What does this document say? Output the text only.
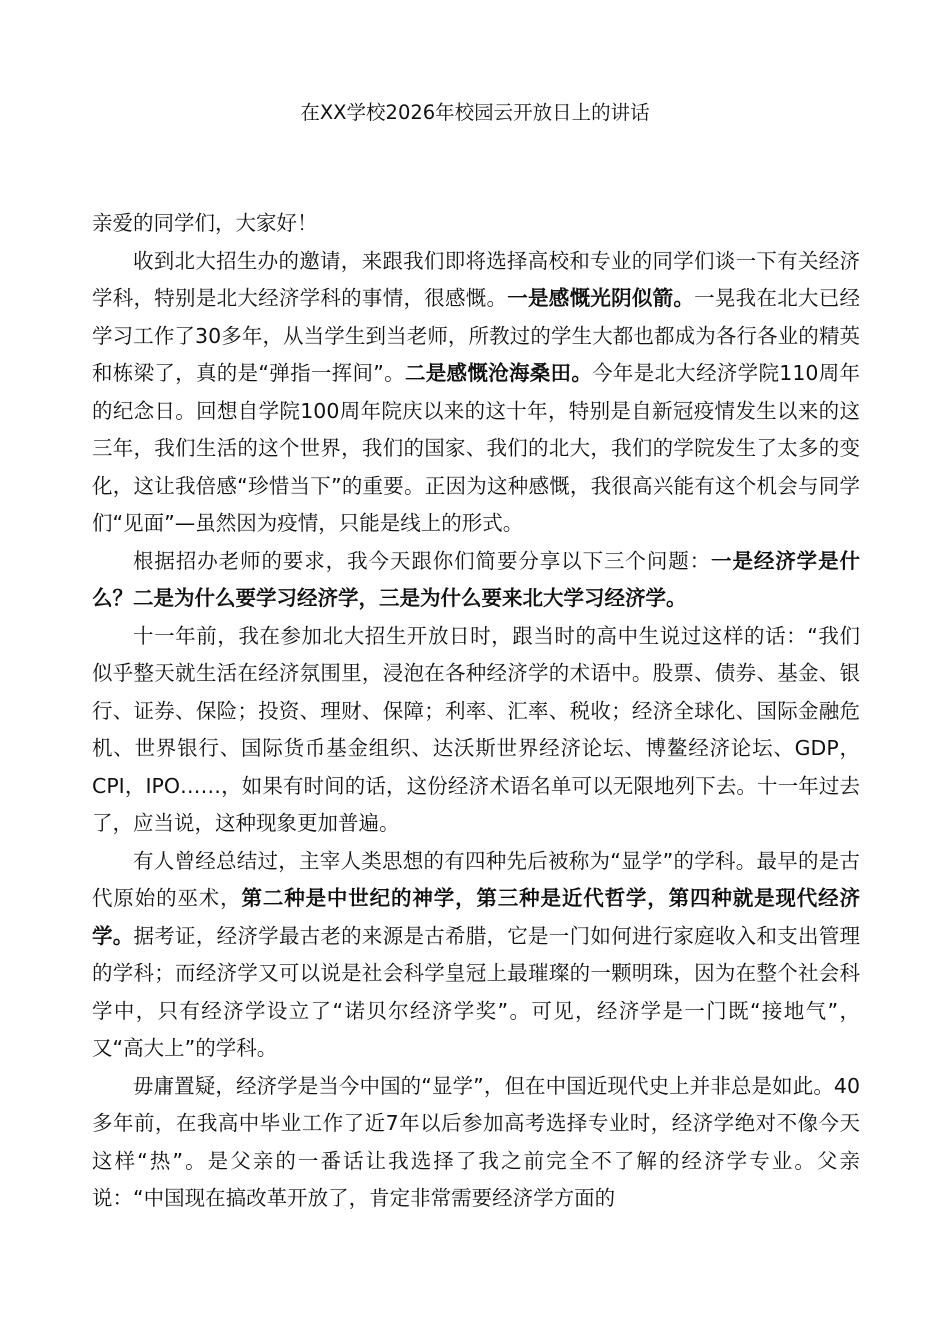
在XX学校2026年校园云开放日上的讲话

亲爱的同学们，大家好！

收到北大招生办的邀请，来跟我们即将选择高校和专业的同学们谈一下有关经济学科，特别是北大经济学科的事情，很感慨。一是感慨光阴似箭。一晃我在北大已经学习工作了30多年，从当学生到当老师，所教过的学生大都也都成为各行各业的精英和栋梁了，真的是“弹指一挥间”。二是感慨沧海桑田。今年是北大经济学院110周年的纪念日。回想自学院100周年院庆以来的这十年，特别是自新冠疫情发生以来的这三年，我们生活的这个世界，我们的国家、我们的北大，我们的学院发生了太多的变化，这让我倍感“珍惜当下”的重要。正因为这种感慨，我很高兴能有这个机会与同学们“见面”—虽然因为疫情，只能是线上的形式。

根据招办老师的要求，我今天跟你们简要分享以下三个问题：一是经济学是什么？二是为什么要学习经济学，三是为什么要来北大学习经济学。

十一年前，我在参加北大招生开放日时，跟当时的高中生说过这样的话：“我们似乎整天就生活在经济氛围里，浸泡在各种经济学的术语中。股票、债券、基金、银行、证券、保险；投资、理财、保障；利率、汇率、税收；经济全球化、国际金融危机、世界银行、国际货币基金组织、达沃斯世界经济论坛、博鳌经济论坛、GDP，CPI，IPO……，如果有时间的话，这份经济术语名单可以无限地列下去。十一年过去了，应当说，这种现象更加普遍。

有人曾经总结过，主宰人类思想的有四种先后被称为“显学”的学科。最早的是古代原始的巫术，第二种是中世纪的神学，第三种是近代哲学，第四种就是现代经济学。据考证，经济学最古老的来源是古希腊，它是一门如何进行家庭收入和支出管理的学科；而经济学又可以说是社会科学皇冠上最璀璨的一颗明珠，因为在整个社会科学中，只有经济学设立了“诺贝尔经济学奖”。可见，经济学是一门既“接地气”，又“高大上”的学科。

毋庸置疑，经济学是当今中国的“显学”，但在中国近现代史上并非总是如此。40多年前，在我高中毕业工作了近7年以后参加高考选择专业时，经济学绝对不像今天这样“热”。是父亲的一番话让我选择了我之前完全不了解的经济学专业。父亲说：“中国现在搞改革开放了，肯定非常需要经济学方面的
